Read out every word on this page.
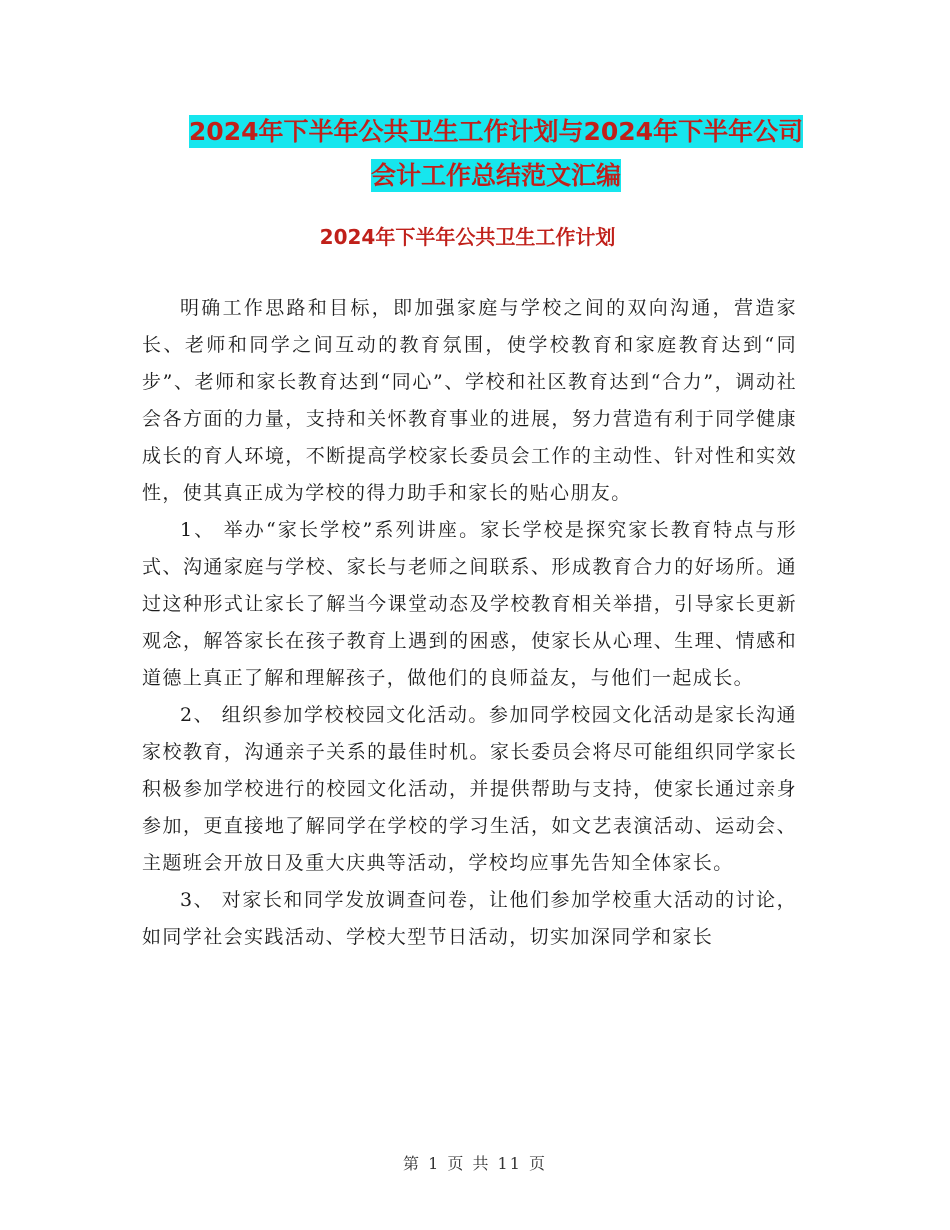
2024年下半年公共卫生工作计划与2024年下半年公司
会计工作总结范文汇编
2024年下半年公共卫生工作计划

明确工作思路和目标，即加强家庭与学校之间的双向沟通，营造家长、老师和同学之间互动的教育氛围，使学校教育和家庭教育达到“同步”、老师和家长教育达到“同心”、学校和社区教育达到“合力”，调动社会各方面的力量，支持和关怀教育事业的进展，努力营造有利于同学健康成长的育人环境，不断提高学校家长委员会工作的主动性、针对性和实效性，使其真正成为学校的得力助手和家长的贴心朋友。

1、 举办“家长学校”系列讲座。家长学校是探究家长教育特点与形式、沟通家庭与学校、家长与老师之间联系、形成教育合力的好场所。通过这种形式让家长了解当今课堂动态及学校教育相关举措，引导家长更新观念，解答家长在孩子教育上遇到的困惑，使家长从心理、生理、情感和道德上真正了解和理解孩子，做他们的良师益友，与他们一起成长。

2、 组织参加学校校园文化活动。参加同学校园文化活动是家长沟通家校教育，沟通亲子关系的最佳时机。家长委员会将尽可能组织同学家长积极参加学校进行的校园文化活动，并提供帮助与支持，使家长通过亲身参加，更直接地了解同学在学校的学习生活，如文艺表演活动、运动会、主题班会开放日及重大庆典等活动，学校均应事先告知全体家长。

3、 对家长和同学发放调查问卷，让他们参加学校重大活动的讨论，如同学社会实践活动、学校大型节日活动，切实加深同学和家长

第 1 页 共 11 页
